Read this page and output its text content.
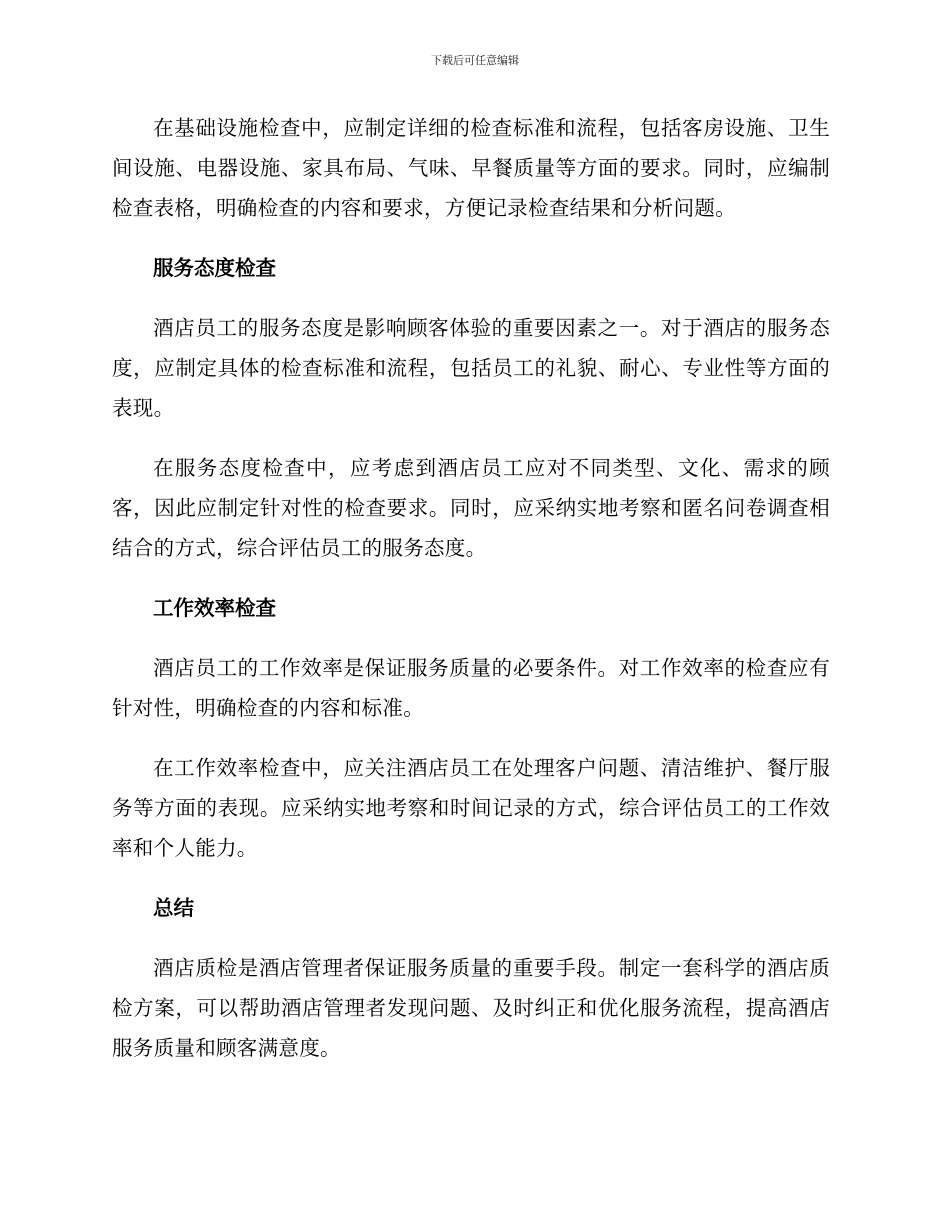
下载后可任意编辑

在基础设施检查中，应制定详细的检查标准和流程，包括客房设施、卫生间设施、电器设施、家具布局、气味、早餐质量等方面的要求。同时，应编制检查表格，明确检查的内容和要求，方便记录检查结果和分析问题。

服务态度检查

酒店员工的服务态度是影响顾客体验的重要因素之一。对于酒店的服务态度，应制定具体的检查标准和流程，包括员工的礼貌、耐心、专业性等方面的表现。

在服务态度检查中，应考虑到酒店员工应对不同类型、文化、需求的顾客，因此应制定针对性的检查要求。同时，应采纳实地考察和匿名问卷调查相结合的方式，综合评估员工的服务态度。

工作效率检查

酒店员工的工作效率是保证服务质量的必要条件。对工作效率的检查应有针对性，明确检查的内容和标准。

在工作效率检查中，应关注酒店员工在处理客户问题、清洁维护、餐厅服务等方面的表现。应采纳实地考察和时间记录的方式，综合评估员工的工作效率和个人能力。

总结

酒店质检是酒店管理者保证服务质量的重要手段。制定一套科学的酒店质检方案，可以帮助酒店管理者发现问题、及时纠正和优化服务流程，提高酒店服务质量和顾客满意度。
